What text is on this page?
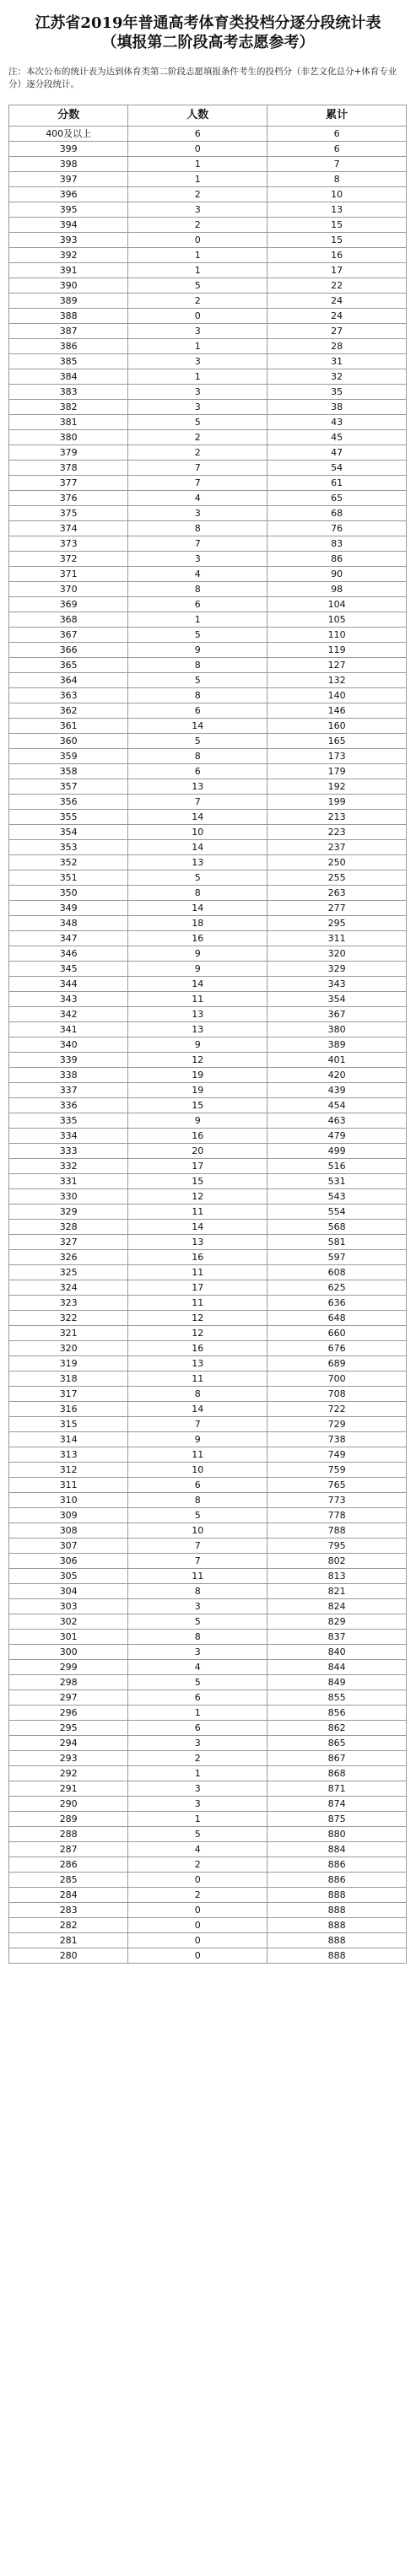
江苏省2019年普通高考体育类投档分逐分段统计表
（填报第二阶段高考志愿参考）
注：本次公布的统计表为达到体育类第二阶段志愿填报条件考生的投档分（非艺文化总分+体育专业分）逐分段统计。
分数	人数	累计
400及以上	6	6
399	0	6
398	1	7
397	1	8
396	2	10
395	3	13
394	2	15
393	0	15
392	1	16
391	1	17
390	5	22
389	2	24
388	0	24
387	3	27
386	1	28
385	3	31
384	1	32
383	3	35
382	3	38
381	5	43
380	2	45
379	2	47
378	7	54
377	7	61
376	4	65
375	3	68
374	8	76
373	7	83
372	3	86
371	4	90
370	8	98
369	6	104
368	1	105
367	5	110
366	9	119
365	8	127
364	5	132
363	8	140
362	6	146
361	14	160
360	5	165
359	8	173
358	6	179
357	13	192
356	7	199
355	14	213
354	10	223
353	14	237
352	13	250
351	5	255
350	8	263
349	14	277
348	18	295
347	16	311
346	9	320
345	9	329
344	14	343
343	11	354
342	13	367
341	13	380
340	9	389
339	12	401
338	19	420
337	19	439
336	15	454
335	9	463
334	16	479
333	20	499
332	17	516
331	15	531
330	12	543
329	11	554
328	14	568
327	13	581
326	16	597
325	11	608
324	17	625
323	11	636
322	12	648
321	12	660
320	16	676
319	13	689
318	11	700
317	8	708
316	14	722
315	7	729
314	9	738
313	11	749
312	10	759
311	6	765
310	8	773
309	5	778
308	10	788
307	7	795
306	7	802
305	11	813
304	8	821
303	3	824
302	5	829
301	8	837
300	3	840
299	4	844
298	5	849
297	6	855
296	1	856
295	6	862
294	3	865
293	2	867
292	1	868
291	3	871
290	3	874
289	1	875
288	5	880
287	4	884
286	2	886
285	0	886
284	2	888
283	0	888
282	0	888
281	0	888
280	0	888
